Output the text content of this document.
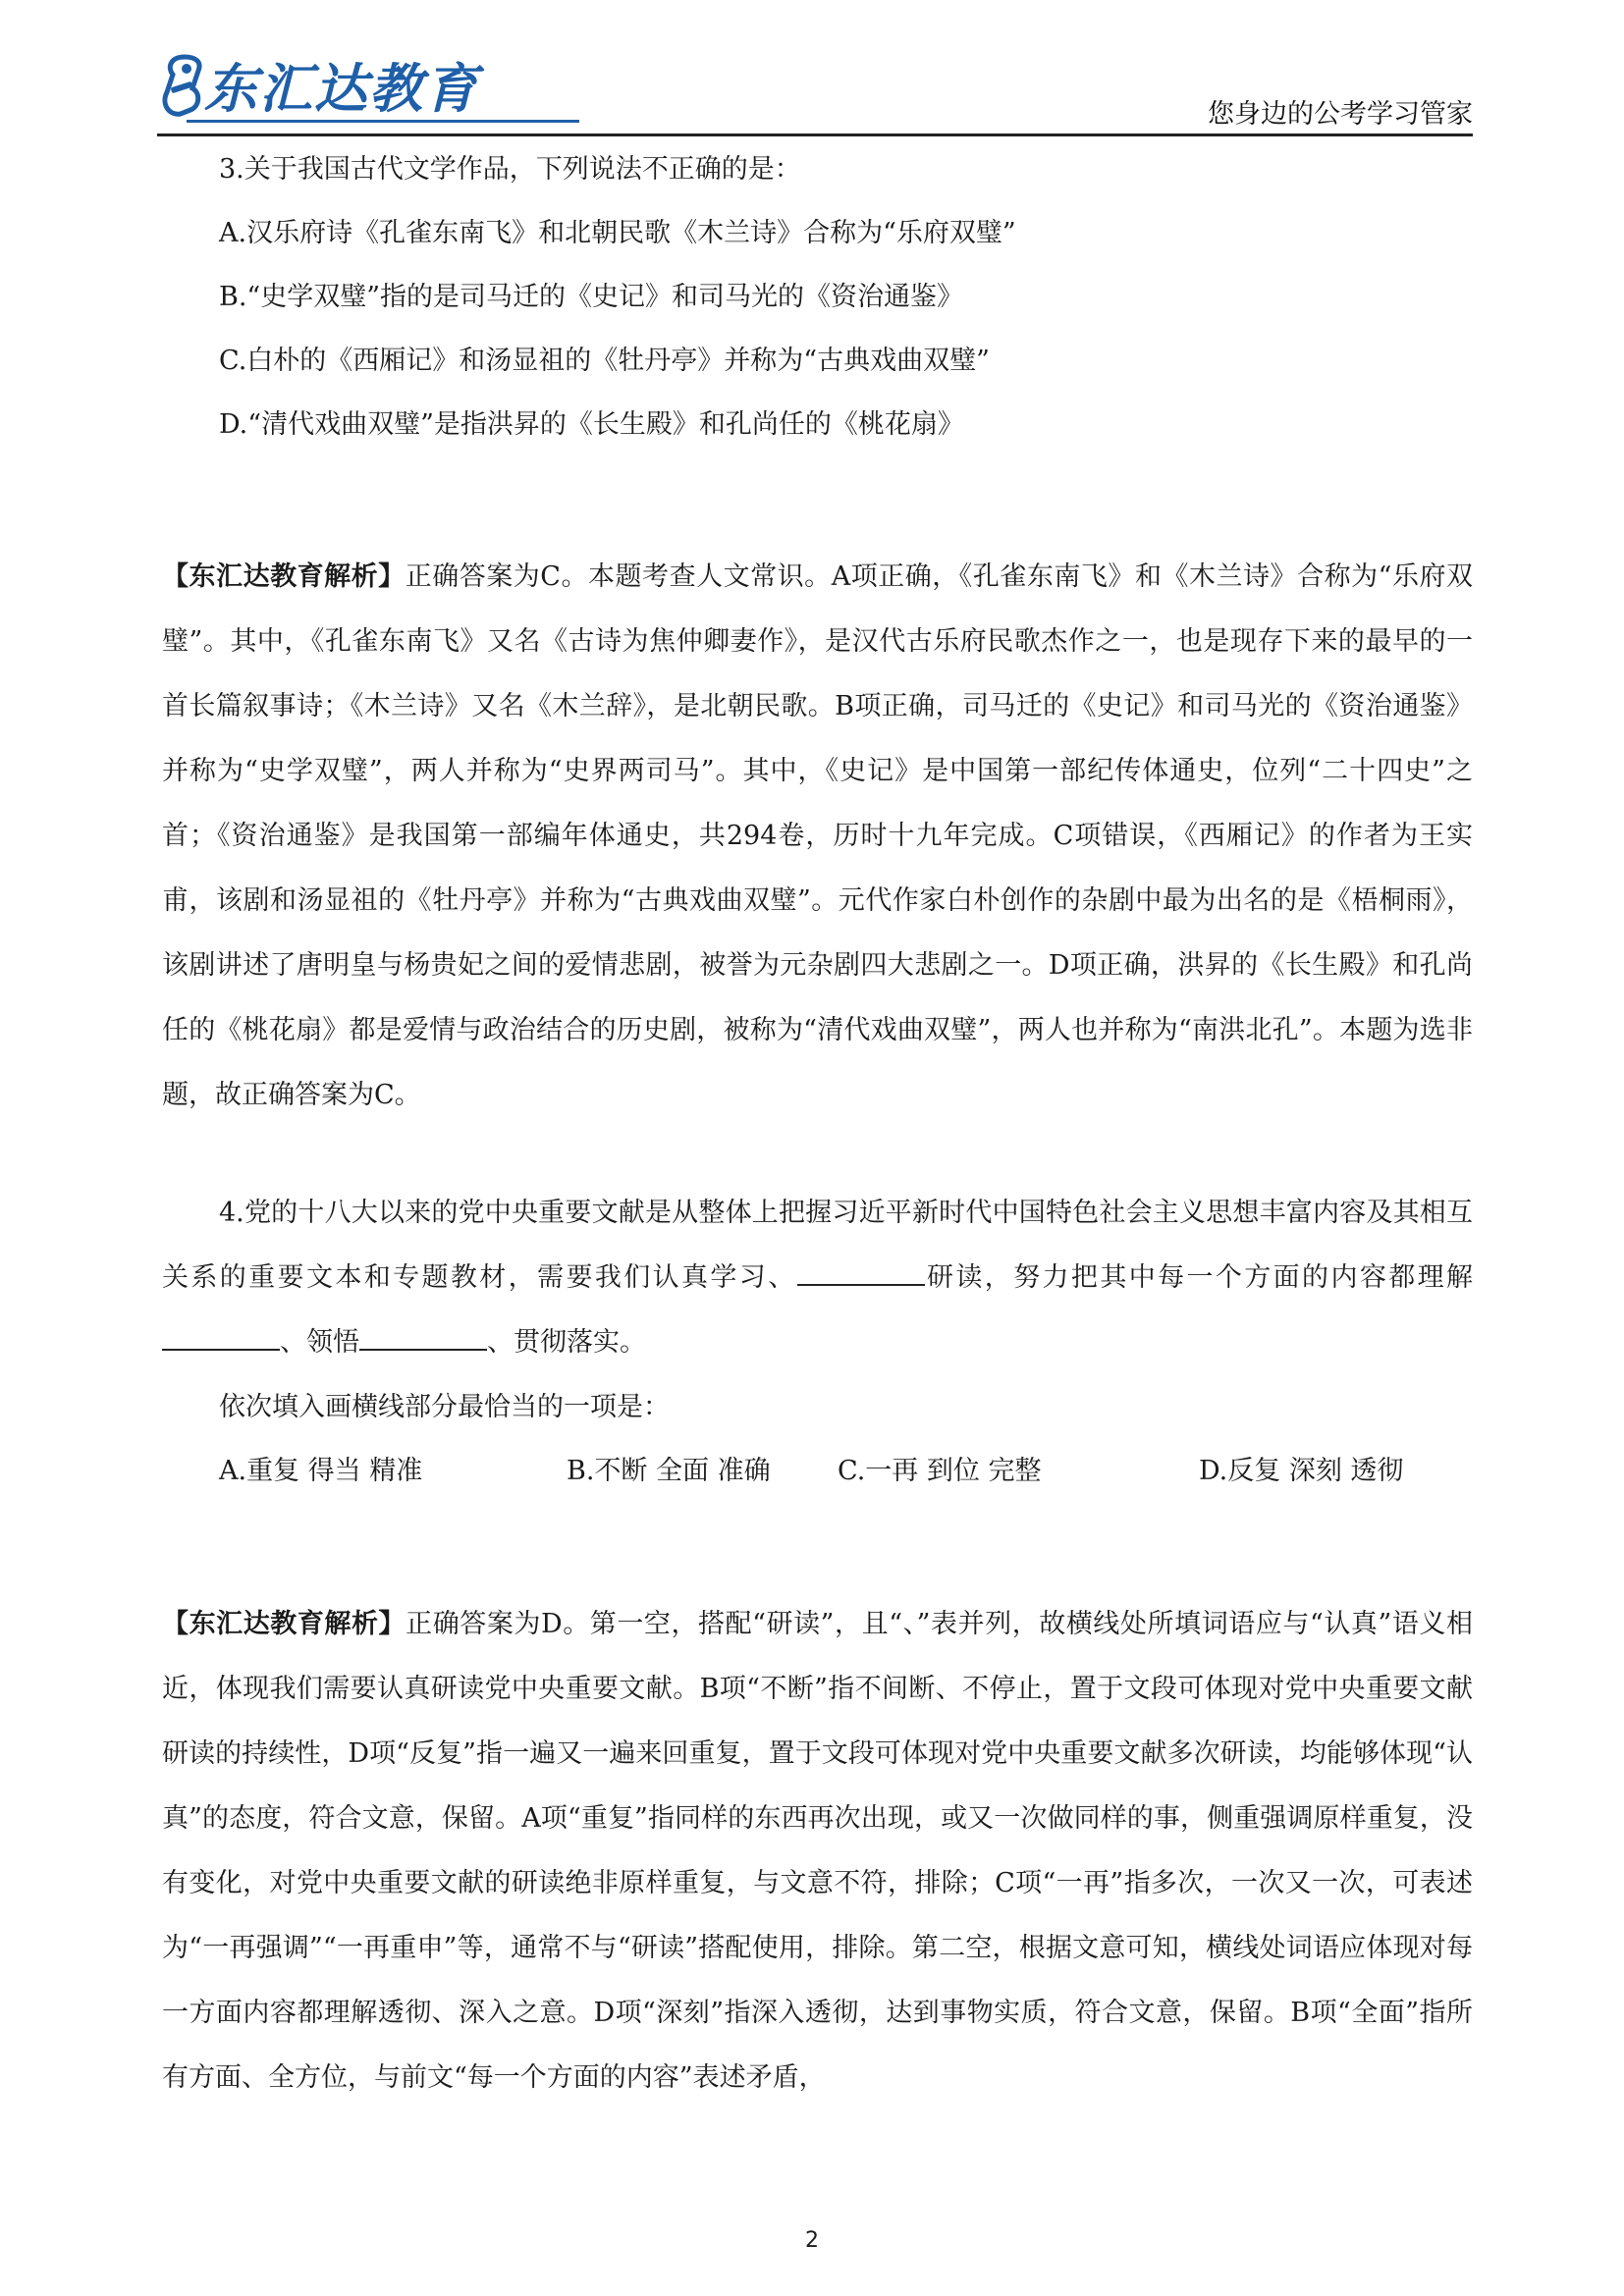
东汇达教育	您身边的公考学习管家

3.关于我国古代文学作品，下列说法不正确的是：

A.汉乐府诗《孔雀东南飞》和北朝民歌《木兰诗》合称为“乐府双璧”

B.“史学双璧”指的是司马迁的《史记》和司马光的《资治通鉴》

C.白朴的《西厢记》和汤显祖的《牡丹亭》并称为“古典戏曲双璧”

D.“清代戏曲双璧”是指洪昇的《长生殿》和孔尚任的《桃花扇》

【东汇达教育解析】正确答案为C。本题考查人文常识。A项正确，《孔雀东南飞》和《木兰诗》合称为“乐府双璧”。其中，《孔雀东南飞》又名《古诗为焦仲卿妻作》，是汉代古乐府民歌杰作之一，也是现存下来的最早的一首长篇叙事诗；《木兰诗》又名《木兰辞》，是北朝民歌。B项正确，司马迁的《史记》和司马光的《资治通鉴》并称为“史学双璧”，两人并称为“史界两司马”。其中，《史记》是中国第一部纪传体通史，位列“二十四史”之首；《资治通鉴》是我国第一部编年体通史，共294卷，历时十九年完成。C项错误，《西厢记》的作者为王实甫，该剧和汤显祖的《牡丹亭》并称为“古典戏曲双璧”。元代作家白朴创作的杂剧中最为出名的是《梧桐雨》，该剧讲述了唐明皇与杨贵妃之间的爱情悲剧，被誉为元杂剧四大悲剧之一。D项正确，洪昇的《长生殿》和孔尚任的《桃花扇》都是爱情与政治结合的历史剧，被称为“清代戏曲双璧”，两人也并称为“南洪北孔”。本题为选非题，故正确答案为C。

4.党的十八大以来的党中央重要文献是从整体上把握习近平新时代中国特色社会主义思想丰富内容及其相互关系的重要文本和专题教材，需要我们认真学习、	研读，努力把其中每一个方面的内容都理解、领悟	、贯彻落实。

依次填入画横线部分最恰当的一项是：

A.重复 得当 精准	B.不断 全面 准确	C.一再 到位 完整	D.反复 深刻 透彻

【东汇达教育解析】正确答案为D。第一空，搭配“研读”，且“、”表并列，故横线处所填词语应与“认真”语义相近，体现我们需要认真研读党中央重要文献。B项“不断”指不间断、不停止，置于文段可体现对党中央重要文献研读的持续性，D项“反复”指一遍又一遍来回重复，置于文段可体现对党中央重要文献多次研读，均能够体现“认真”的态度，符合文意，保留。A项“重复”指同样的东西再次出现，或又一次做同样的事，侧重强调原样重复，没有变化，对党中央重要文献的研读绝非原样重复，与文意不符，排除；C项“一再”指多次，一次又一次，可表述为“一再强调”“一再重申”等，通常不与“研读”搭配使用，排除。第二空，根据文意可知，横线处词语应体现对每一方面内容都理解透彻、深入之意。D项“深刻”指深入透彻，达到事物实质，符合文意，保留。B项“全面”指所有方面、全方位，与前文“每一个方面的内容”表述矛盾，

2
